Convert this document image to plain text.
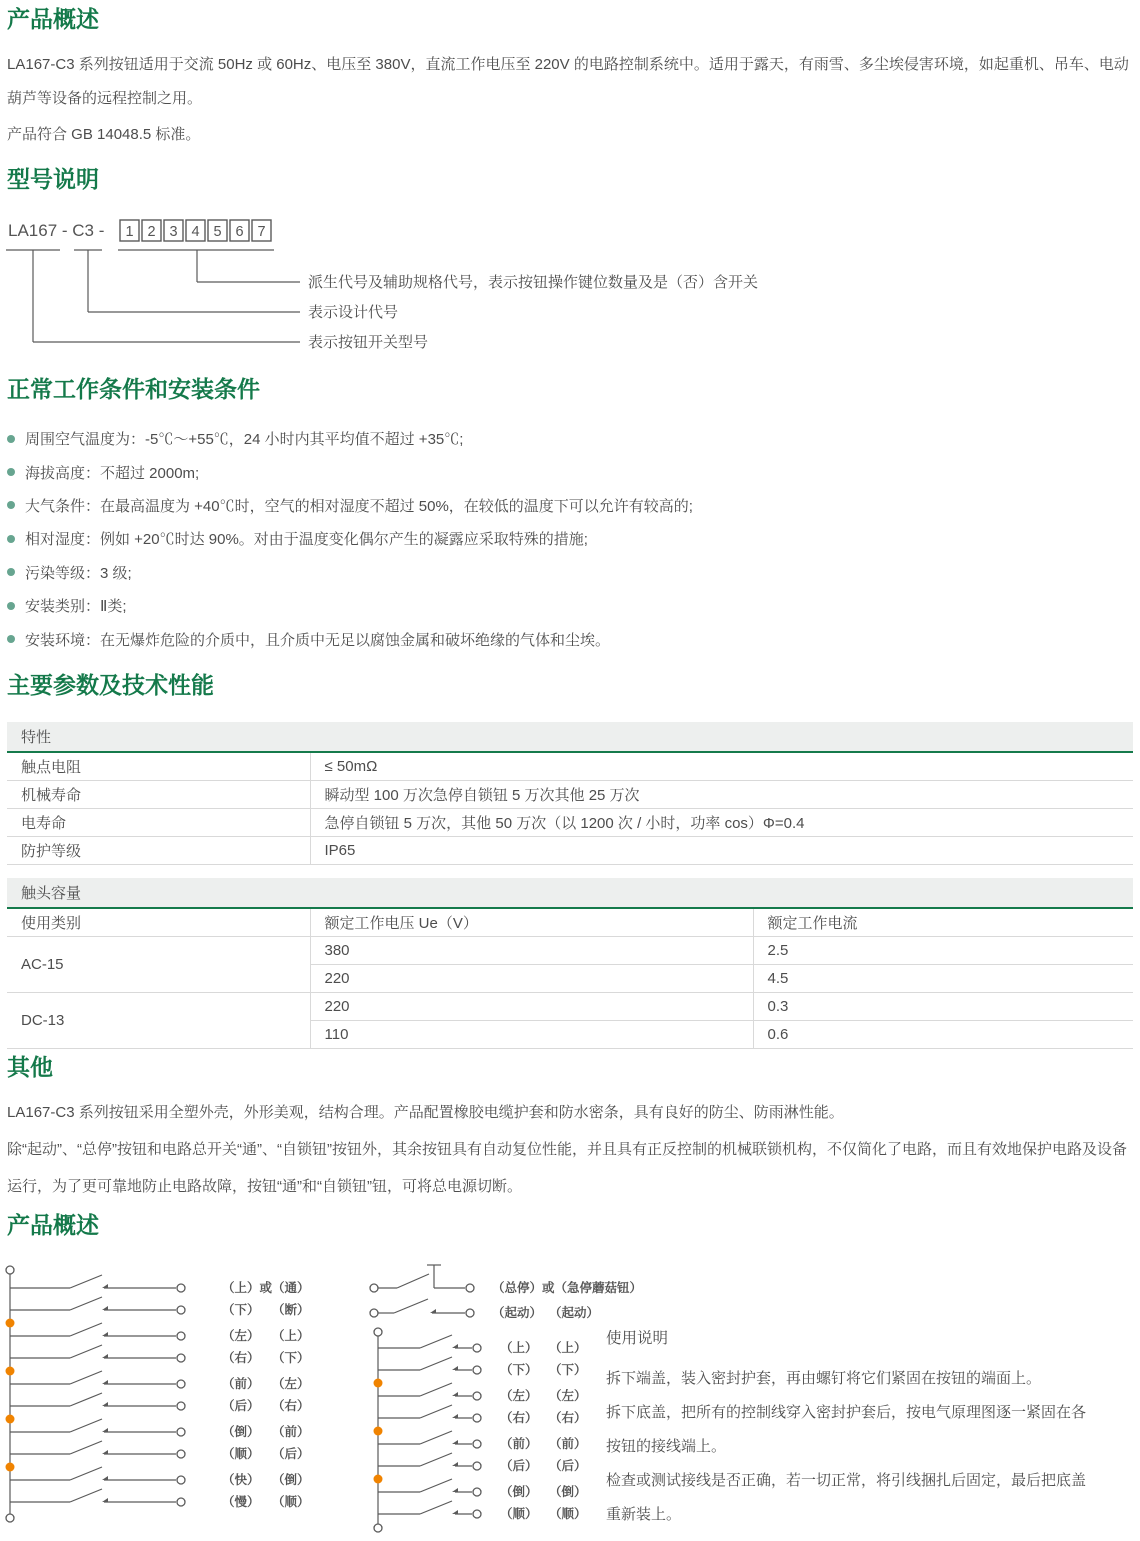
产品概述

LA167-C3 系列按钮适用于交流 50Hz 或 60Hz、电压至 380V，直流工作电压至 220V 的电路控制系统中。适用于露天，有雨雪、多尘埃侵害环境，如起重机、吊车、电动葫芦等设备的远程控制之用。

产品符合 GB 14048.5 标准。

型号说明
LA167 - C3 - 1 2 3 4 5 6 7
派生代号及辅助规格代号，表示按钮操作键位数量及是（否）含开关
表示设计代号
表示按钮开关型号
正常工作条件和安装条件
周围空气温度为：-5℃～+55℃，24 小时内其平均值不超过 +35℃;
海拔高度：不超过 2000m;
大气条件：在最高温度为 +40℃时，空气的相对湿度不超过 50%，在较低的温度下可以允许有较高的;
相对湿度：例如 +20℃时达 90%。对由于温度变化偶尔产生的凝露应采取特殊的措施;
污染等级：3 级;
安装类别：Ⅱ类;
安装环境：在无爆炸危险的介质中，且介质中无足以腐蚀金属和破坏绝缘的气体和尘埃。
主要参数及技术性能
特性	
触点电阻	≤ 50mΩ
机械寿命	瞬动型 100 万次急停自锁钮 5 万次其他 25 万次
电寿命	急停自锁钮 5 万次，其他 50 万次（以 1200 次 / 小时，功率 cos）Φ=0.4
防护等级	IP65
触头容量		
使用类别	额定工作电压 Ue（V）	额定工作电流
AC-15	380	2.5
	220	4.5
DC-13	220	0.3
	110	0.6
其他

LA167-C3 系列按钮采用全塑外壳，外形美观，结构合理。产品配置橡胶电缆护套和防水密条，具有良好的防尘、防雨淋性能。

除“起动”、“总停”按钮和电路总开关“通”、“自锁钮”按钮外，其余按钮具有自动复位性能，并且具有正反控制的机械联锁机构，不仅简化了电路，而且有效地保护电路及设备运行，为了更可靠地防止电路故障，按钮“通”和“自锁钮”钮，可将总电源切断。

产品概述
（上）或（通）
（下） （断）
（左） （上）
（右） （下）
（前） （左）
（后） （右）
（倒） （前）
（顺） （后）
（快） （倒）
（慢） （顺）
（总停）或（急停蘑菇钮）
（起动） （起动）
（上） （上）
（下） （下）
（左） （左）
（右） （右）
（前） （前）
（后） （后）
（倒） （倒）
（顺） （顺）

使用说明

拆下端盖，装入密封护套，再由螺钉将它们紧固在按钮的端面上。
拆下底盖，把所有的控制线穿入密封护套后，按电气原理图逐一紧固在各
按钮的接线端上。
检查或测试接线是否正确，若一切正常，将引线捆扎后固定，最后把底盖
重新装上。
